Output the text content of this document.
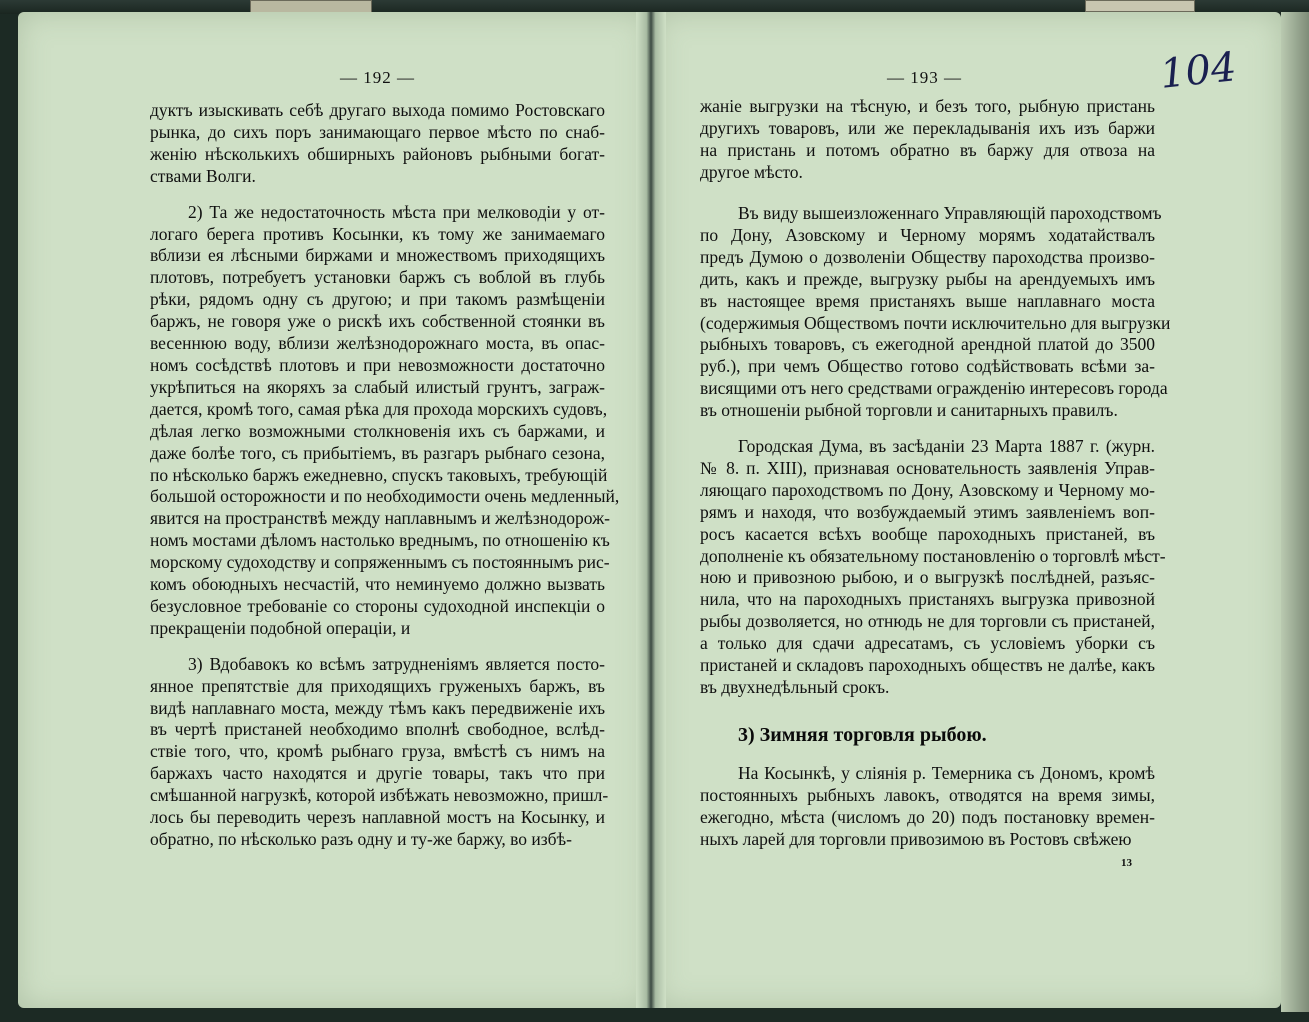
— 192 —
дуктъ изыскивать себѣ другаго выхода помимо Ростовскаго
рынка, до сихъ поръ занимающаго первое мѣсто по снаб-
женію нѣсколькихъ обширныхъ районовъ рыбными богат-
ствами Волги.
2) Та же недостаточность мѣста при мелководіи у от-
логаго берега противъ Косынки, къ тому же занимаемаго
вблизи ея лѣсными биржами и множествомъ приходящихъ
плотовъ, потребуетъ установки баржъ съ воблой въ глубь
рѣки, рядомъ одну съ другою; и при такомъ размѣщеніи
баржъ, не говоря уже о рискѣ ихъ собственной стоянки въ
весеннюю воду, вблизи желѣзнодорожнаго моста, въ опас-
номъ сосѣдствѣ плотовъ и при невозможности достаточно
укрѣпиться на якоряхъ за слабый илистый грунтъ, заграж-
дается, кромѣ того, самая рѣка для прохода морскихъ судовъ,
дѣлая легко возможными столкновенія ихъ съ баржами, и
даже болѣе того, съ прибытіемъ, въ разгаръ рыбнаго сезона,
по нѣсколько баржъ ежедневно, спускъ таковыхъ, требующій
большой осторожности и по необходимости очень медленный,
явится на пространствѣ между наплавнымъ и желѣзнодорож-
номъ мостами дѣломъ настолько вреднымъ, по отношенію къ
морскому судоходству и сопряженнымъ съ постояннымъ рис-
комъ обоюдныхъ несчастій, что неминуемо должно вызвать
безусловное требованіе со стороны судоходной инспекціи о
прекращеніи подобной операціи, и
3) Вдобавокъ ко всѣмъ затрудненіямъ является посто-
янное препятствіе для приходящихъ груженыхъ баржъ, въ
видѣ наплавнаго моста, между тѣмъ какъ передвиженіе ихъ
въ чертѣ пристаней необходимо вполнѣ свободное, вслѣд-
ствіе того, что, кромѣ рыбнаго груза, вмѣстѣ съ нимъ на
баржахъ часто находятся и другіе товары, такъ что при
смѣшанной нагрузкѣ, которой избѣжать невозможно, пришл-
лось бы переводить черезъ наплавной мостъ на Косынку, и
обратно, по нѣсколько разъ одну и ту-же баржу, во избѣ-
— 193 —	104
жаніе выгрузки на тѣсную, и безъ того, рыбную пристань
другихъ товаровъ, или же перекладыванія ихъ изъ баржи
на пристань и потомъ обратно въ баржу для отвоза на
другое мѣсто.
Въ виду вышеизложеннаго Управляющій пароходствомъ
по Дону, Азовскому и Черному морямъ ходатайствалъ
предъ Думою о дозволеніи Обществу пароходства произво-
дить, какъ и прежде, выгрузку рыбы на арендуемыхъ имъ
въ настоящее время пристаняхъ выше наплавнаго моста
(содержимыя Обществомъ почти исключительно для выгрузки
рыбныхъ товаровъ, съ ежегодной арендной платой до 3500
руб.), при чемъ Общество готово содѣйствовать всѣми за-
висящими отъ него средствами огражденію интересовъ города
въ отношеніи рыбной торговли и санитарныхъ правилъ.
Городская Дума, въ засѣданіи 23 Марта 1887 г. (журн.
№ 8. п. XIII), признавая основательность заявленія Управ-
ляющаго пароходствомъ по Дону, Азовскому и Черному мо-
рямъ и находя, что возбуждаемый этимъ заявленіемъ воп-
росъ касается всѣхъ вообще пароходныхъ пристаней, въ
дополненіе къ обязательному постановленію о торговлѣ мѣст-
ною и привозною рыбою, и о выгрузкѣ послѣдней, разъяс-
нила, что на пароходныхъ пристаняхъ выгрузка привозной
рыбы дозволяется, но отнюдь не для торговли съ пристаней,
а только для сдачи адресатамъ, съ условіемъ уборки съ
пристаней и складовъ пароходныхъ обществъ не далѣе, какъ
въ двухнедѣльный срокъ.
3) Зимняя торговля рыбою.
На Косынкѣ, у слiянія р. Темерника съ Дономъ, кромѣ
постоянныхъ рыбныхъ лавокъ, отводятся на время зимы,
ежегодно, мѣста (числомъ до 20) подъ постановку времен-
ныхъ ларей для торговли привозимою въ Ростовъ свѣжею
13
